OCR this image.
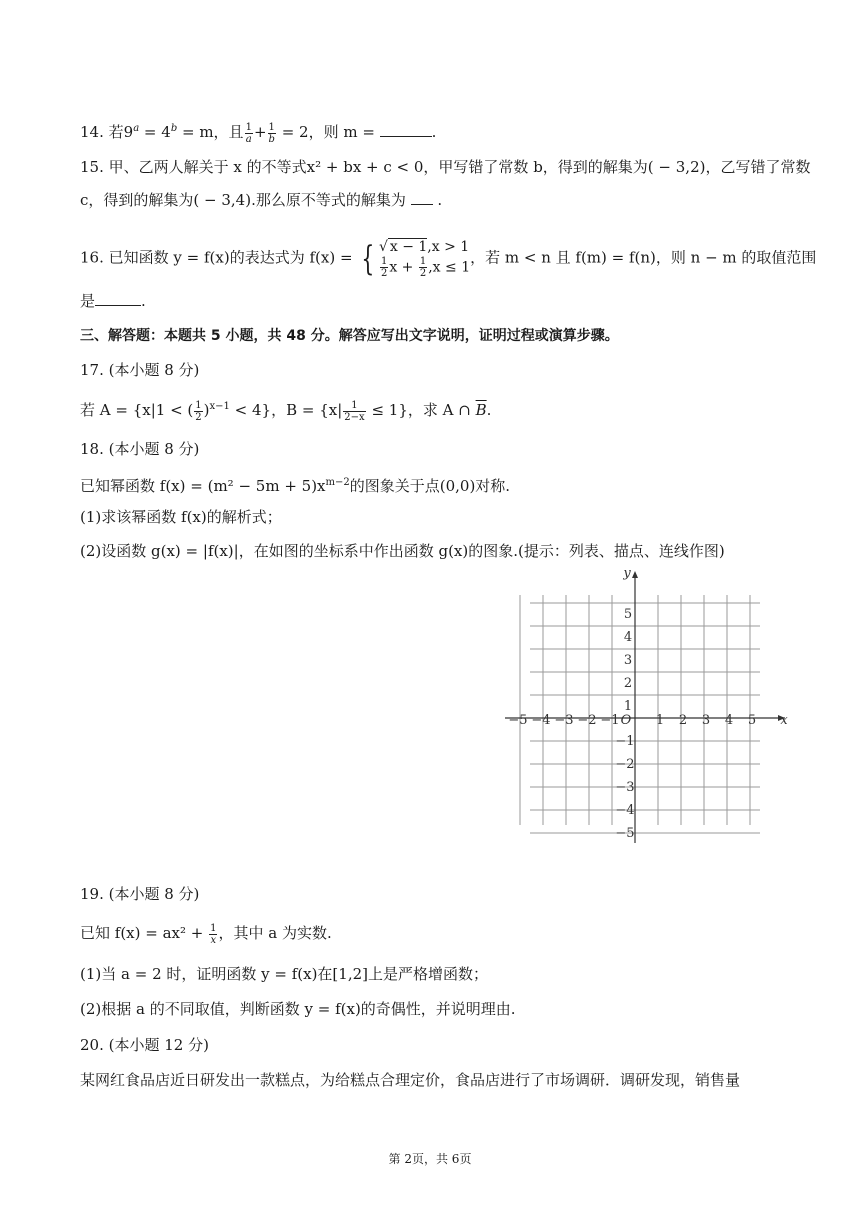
14. 若$9^a = 4^b = m$，且 $\frac{1}{a} + \frac{1}{b} = 2$，则 m =	.
15. 甲、乙两人解关于 x 的不等式x² + bx + c < 0，甲写错了常数 b，得到的解集为( − 3,2)，乙写错了常数
c，得到的解集为( − 3,4).那么原不等式的解集为  .
16. 已知函数 y = f(x)的表达式为 f(x) = { √ x − 1,x > 1
$\frac{1}{2}$ $x + \frac{1}{2} ,x \le 1$
，若 m < n 且 f(m) = f(n)，则 n − m 的取值范围
是	.
三、解答题：本题共 5 小题，共 48 分。解答应写出文字说明，证明过程或演算步骤。
17. (本小题 8 分)
若 A = {x|1 < ( $\frac{1}{2} )^{x-1} < 4$}，$B = \{x| \frac{1}{2-x} \le 1\}$，求 A ∩ $\overline{B}$.
18. (本小题 8 分)
已知幂函数 $f(x) = (m^2 - 5m + 5)x^{m-2}$的图象关于点(0,0)对称.
(1)求该幂函数 f(x)的解析式；
(2)设函数 g(x) = |f(x)|，在如图的坐标系中作出函数 g(x)的图象.(提示：列表、描点、连线作图)
x
y
O
−5 −4 −3 −2 −1	1 2 3 4 5
5
4
3
2
1
−1
−2
−3
−4
−5
19. (本小题 8 分)
已知 $f(x) = ax^2 + \frac{1}{x}$ ，其中 a 为实数.
(1)当 a = 2 时，证明函数 y = f(x)在[1,2]上是严格增函数；
(2)根据 a 的不同取值，判断函数 y = f(x)的奇偶性，并说明理由.
20. (本小题 12 分)
某网红食品店近日研发出一款糕点，为给糕点合理定价，食品店进行了市场调研．调研发现，销售量
第 2页，共 6页
